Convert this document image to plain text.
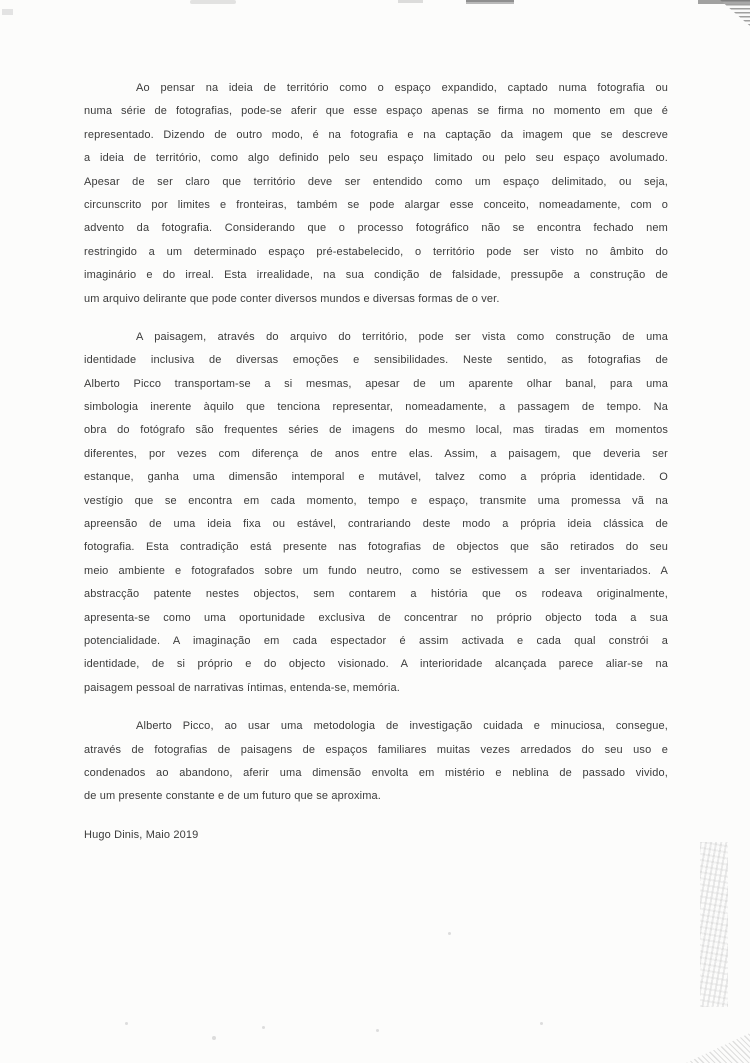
Ao pensar na ideia de território como o espaço expandido, captado numa fotografia ou
numa série de fotografias, pode-se aferir que esse espaço apenas se firma no momento em que é
representado. Dizendo de outro modo, é na fotografia e na captação da imagem que se descreve
a ideia de território, como algo definido pelo seu espaço limitado ou pelo seu espaço avolumado.
Apesar de ser claro que território deve ser entendido como um espaço delimitado, ou seja,
circunscrito por limites e fronteiras, também se pode alargar esse conceito, nomeadamente, com o
advento da fotografia. Considerando que o processo fotográfico não se encontra fechado nem
restringido a um determinado espaço pré-estabelecido, o território pode ser visto no âmbito do
imaginário e do irreal. Esta irrealidade, na sua condição de falsidade, pressupõe a construção de
um arquivo delirante que pode conter diversos mundos e diversas formas de o ver.
A paisagem, através do arquivo do território, pode ser vista como construção de uma
identidade inclusiva de diversas emoções e sensibilidades. Neste sentido, as fotografias de
Alberto Picco transportam-se a si mesmas, apesar de um aparente olhar banal, para uma
simbologia inerente àquilo que tenciona representar, nomeadamente, a passagem de tempo. Na
obra do fotógrafo são frequentes séries de imagens do mesmo local, mas tiradas em momentos
diferentes, por vezes com diferença de anos entre elas. Assim, a paisagem, que deveria ser
estanque, ganha uma dimensão intemporal e mutável, talvez como a própria identidade. O
vestígio que se encontra em cada momento, tempo e espaço, transmite uma promessa vã na
apreensão de uma ideia fixa ou estável, contrariando deste modo a própria ideia clássica de
fotografia. Esta contradição está presente nas fotografias de objectos que são retirados do seu
meio ambiente e fotografados sobre um fundo neutro, como se estivessem a ser inventariados. A
abstracção patente nestes objectos, sem contarem a história que os rodeava originalmente,
apresenta-se como uma oportunidade exclusiva de concentrar no próprio objecto toda a sua
potencialidade. A imaginação em cada espectador é assim activada e cada qual constrói a
identidade, de si próprio e do objecto visionado. A interioridade alcançada parece aliar-se na
paisagem pessoal de narrativas íntimas, entenda-se, memória.
Alberto Picco, ao usar uma metodologia de investigação cuidada e minuciosa, consegue,
através de fotografias de paisagens de espaços familiares muitas vezes arredados do seu uso e
condenados ao abandono, aferir uma dimensão envolta em mistério e neblina de passado vivido,
de um presente constante e de um futuro que se aproxima.
Hugo Dinis, Maio 2019
